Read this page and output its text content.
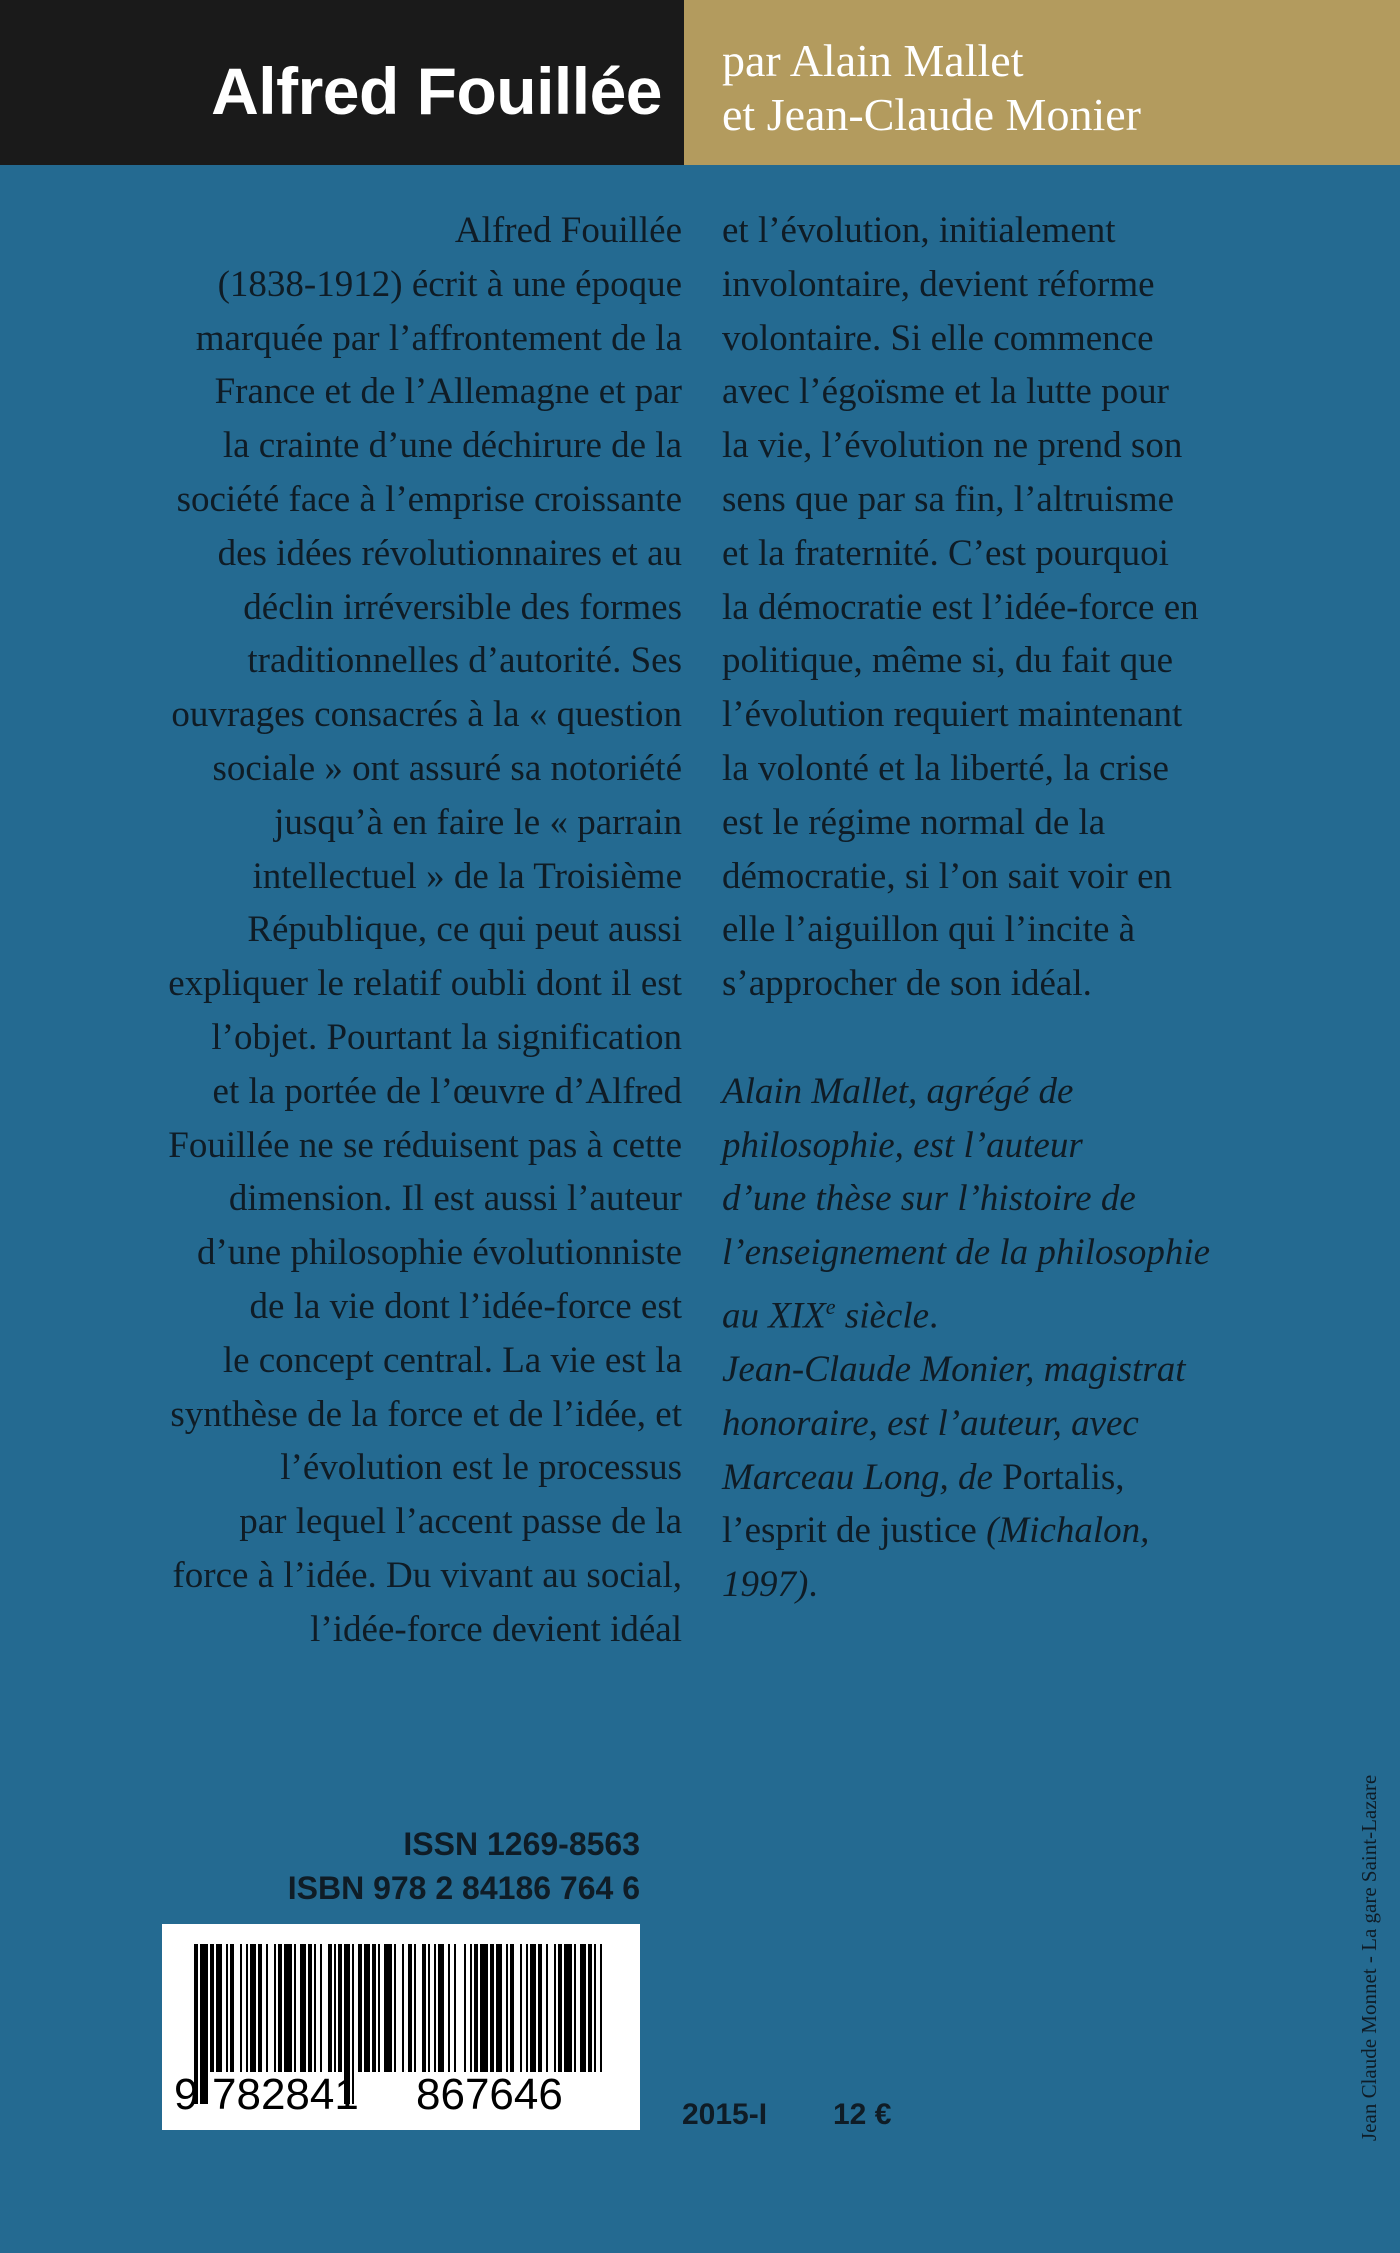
Alfred Fouillée par Alain Mallet
et Jean-Claude Monier
Alfred Fouillée
(1838-1912) écrit à une époque
marquée par l’affrontement de la
France et de l’Allemagne et par
la crainte d’une déchirure de la
société face à l’emprise croissante
des idées révolutionnaires et au
déclin irréversible des formes
traditionnelles d’autorité. Ses
ouvrages consacrés à la « question
sociale » ont assuré sa notoriété
jusqu’à en faire le « parrain
intellectuel » de la Troisième
République, ce qui peut aussi
expliquer le relatif oubli dont il est
l’objet. Pourtant la signification
et la portée de l’œuvre d’Alfred
Fouillée ne se réduisent pas à cette
dimension. Il est aussi l’auteur
d’une philosophie évolutionniste
de la vie dont l’idée-force est
le concept central. La vie est la
synthèse de la force et de l’idée, et
l’évolution est le processus
par lequel l’accent passe de la
force à l’idée. Du vivant au social,
l’idée-force devient idéal
et l’évolution, initialement
involontaire, devient réforme
volontaire. Si elle commence
avec l’égoïsme et la lutte pour
la vie, l’évolution ne prend son
sens que par sa fin, l’altruisme
et la fraternité. C’est pourquoi
la démocratie est l’idée-force en
politique, même si, du fait que
l’évolution requiert maintenant
la volonté et la liberté, la crise
est le régime normal de la
démocratie, si l’on sait voir en
elle l’aiguillon qui l’incite à
s’approcher de son idéal.
Alain Mallet, agrégé de
philosophie, est l’auteur
d’une thèse sur l’histoire de
l’enseignement de la philosophie
au XIXe siècle.
Jean-Claude Monier, magistrat
honoraire, est l’auteur, avec
Marceau Long, de Portalis,
l’esprit de justice (Michalon,
1997).
ISSN 1269-8563
ISBN 978 2 84186 764 6
9 782841 867646	2015-I 12 €	Jean Claude Monnet - La gare Saint-Lazare
